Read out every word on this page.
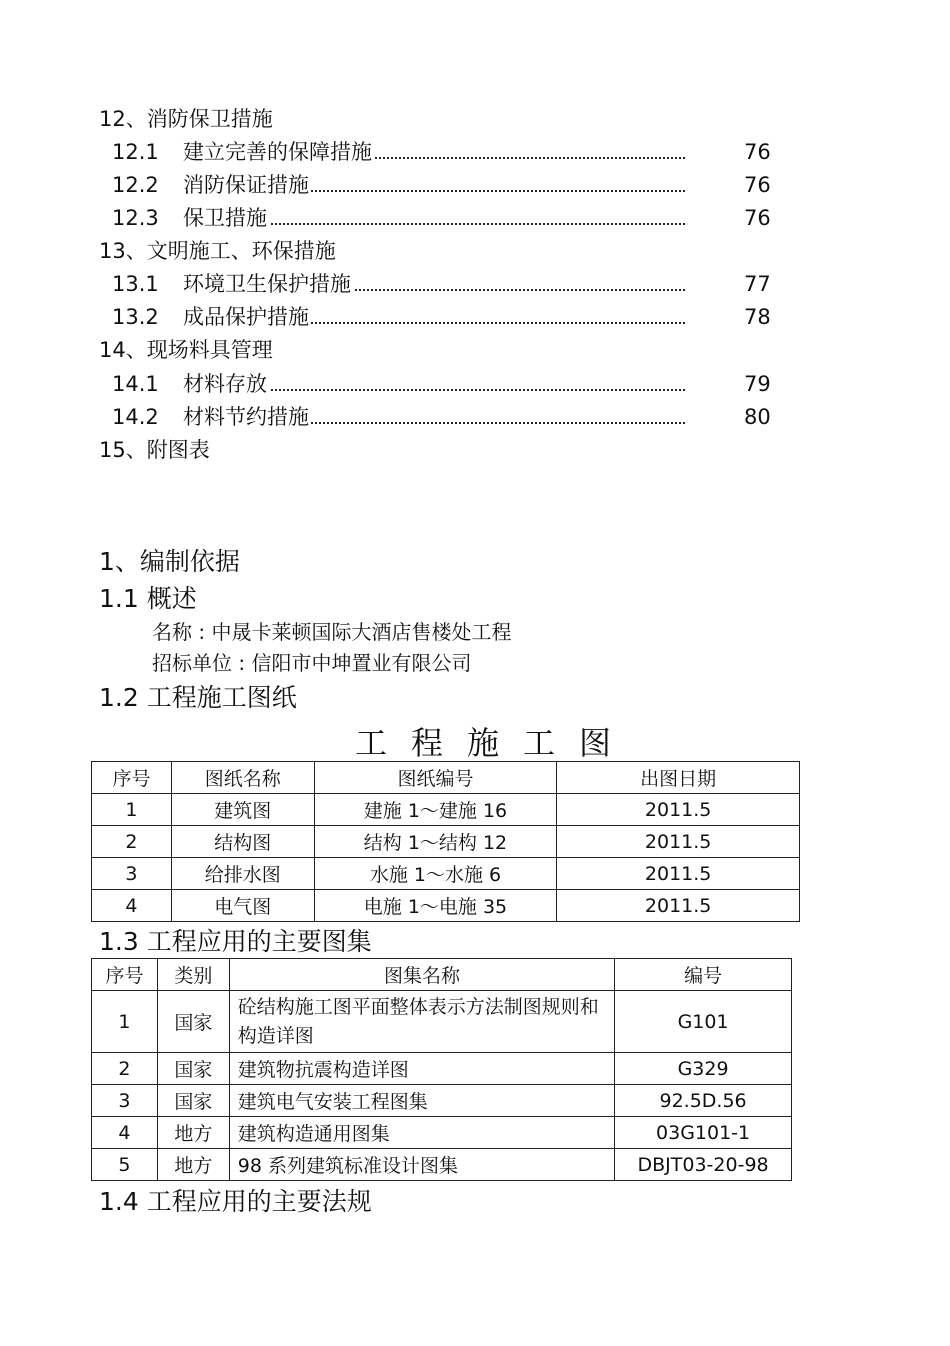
12、消防保卫措施
12.1 建立完善的保障措施	76
12.2 消防保证措施	76
12.3 保卫措施	76
13、文明施工、环保措施
13.1 环境卫生保护措施	77
13.2 成品保护措施	78
14、现场料具管理
14.1 材料存放	79
14.2 材料节约措施	80
15、附图表
1、编制依据
1.1 概述
名称 : 中晟卡莱顿国际大酒店售楼处工程
招标单位 : 信阳市中坤置业有限公司
1.2 工程施工图纸
工程施工图
序号	图纸名称	图纸编号	出图日期
1	建筑图	建施 1～建施 16	2011.5
2	结构图	结构 1～结构 12	2011.5
3	给排水图	水施 1～水施 6	2011.5
4	电气图	电施 1～电施 35	2011.5
1.3 工程应用的主要图集
序号	类别	图集名称	编号
1	国家	砼结构施工图平面整体表示方法制图规则和构造详图	G101
2	国家	建筑物抗震构造详图	G329
3	国家	建筑电气安装工程图集	92.5D.56
4	地方	建筑构造通用图集	03G101-1
5	地方	98 系列建筑标准设计图集	DBJT03-20-98
1.4 工程应用的主要法规
